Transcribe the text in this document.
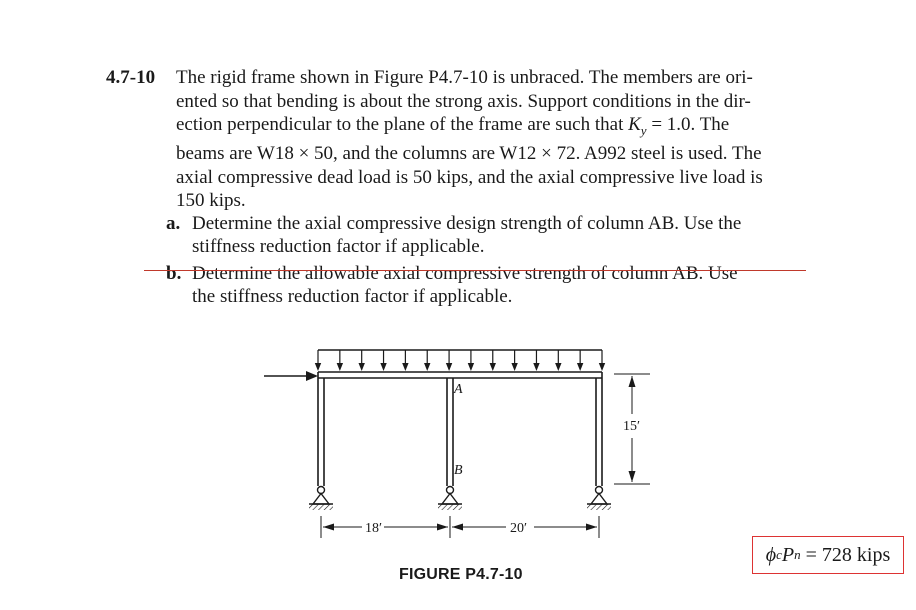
4.7-10 The rigid frame shown in Figure P4.7-10 is unbraced. The members are ori-
ented so that bending is about the strong axis. Support conditions in the dir-
ection perpendicular to the plane of the frame are such that $K_y = 1.0$. The
beams are W18 × 50, and the columns are W12 × 72. A992 steel is used. The
axial compressive dead load is 50 kips, and the axial compressive live load is
150 kips.
a. Determine the axial compressive design strength of column AB. Use the
stiffness reduction factor if applicable.
b. Determine the allowable axial compressive strength of column AB. Use
the stiffness reduction factor if applicable.
A
B
15′
18′	20′
FIGURE P4.7-10
ϕ c P n
=
728 kips
